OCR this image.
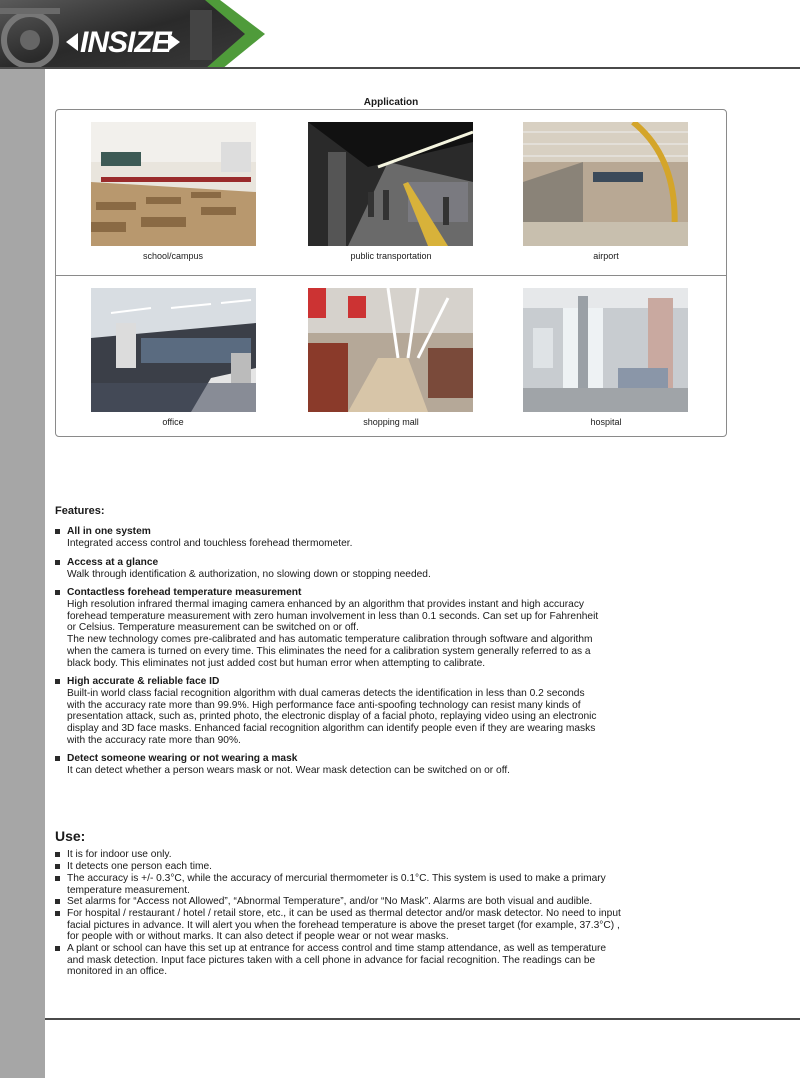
INSIZE
Application
school/campus	public transportation	airport
office	shopping mall	hospital
Features:
All in one system
Integrated access control and touchless forehead thermometer.
Access at a glance
Walk through identification & authorization, no slowing down or stopping needed.
Contactless forehead temperature measurement
High resolution infrared thermal imaging camera enhanced by an algorithm that provides instant and high accuracy
forehead temperature measurement with zero human involvement in less than 0.1 seconds. Can set up for Fahrenheit
or Celsius. Temperature measurement can be switched on or off.
The new technology comes pre-calibrated and has automatic temperature calibration through software and algorithm
when the camera is turned on every time. This eliminates the need for a calibration system generally referred to as a
black body. This eliminates not just added cost but human error when attempting to calibrate.
High accurate & reliable face ID
Built-in world class facial recognition algorithm with dual cameras detects the identification in less than 0.2 seconds
with the accuracy rate more than 99.9%. High performance face anti-spoofing technology can resist many kinds of
presentation attack, such as, printed photo, the electronic display of a facial photo, replaying video using an electronic
display and 3D face masks. Enhanced facial recognition algorithm can identify people even if they are wearing masks
with the accuracy rate more than 90%.
Detect someone wearing or not wearing a mask
It can detect whether a person wears mask or not. Wear mask detection can be switched on or off.
Use:
It is for indoor use only.
It detects one person each time.
The accuracy is +/- 0.3°C, while the accuracy of mercurial thermometer is 0.1°C. This system is used to make a primary
temperature measurement.
Set alarms for “Access not Allowed”, “Abnormal Temperature”, and/or “No Mask”. Alarms are both visual and audible.
For hospital / restaurant / hotel / retail store, etc., it can be used as thermal detector and/or mask detector. No need to input
facial pictures in advance. It will alert you when the forehead temperature is above the preset target (for example, 37.3°C) ,
for people with or without marks. It can also detect if people wear or not wear masks.
A plant or school can have this set up at entrance for access control and time stamp attendance, as well as temperature
and mask detection. Input face pictures taken with a cell phone in advance for facial recognition. The readings can be
monitored in an office.
